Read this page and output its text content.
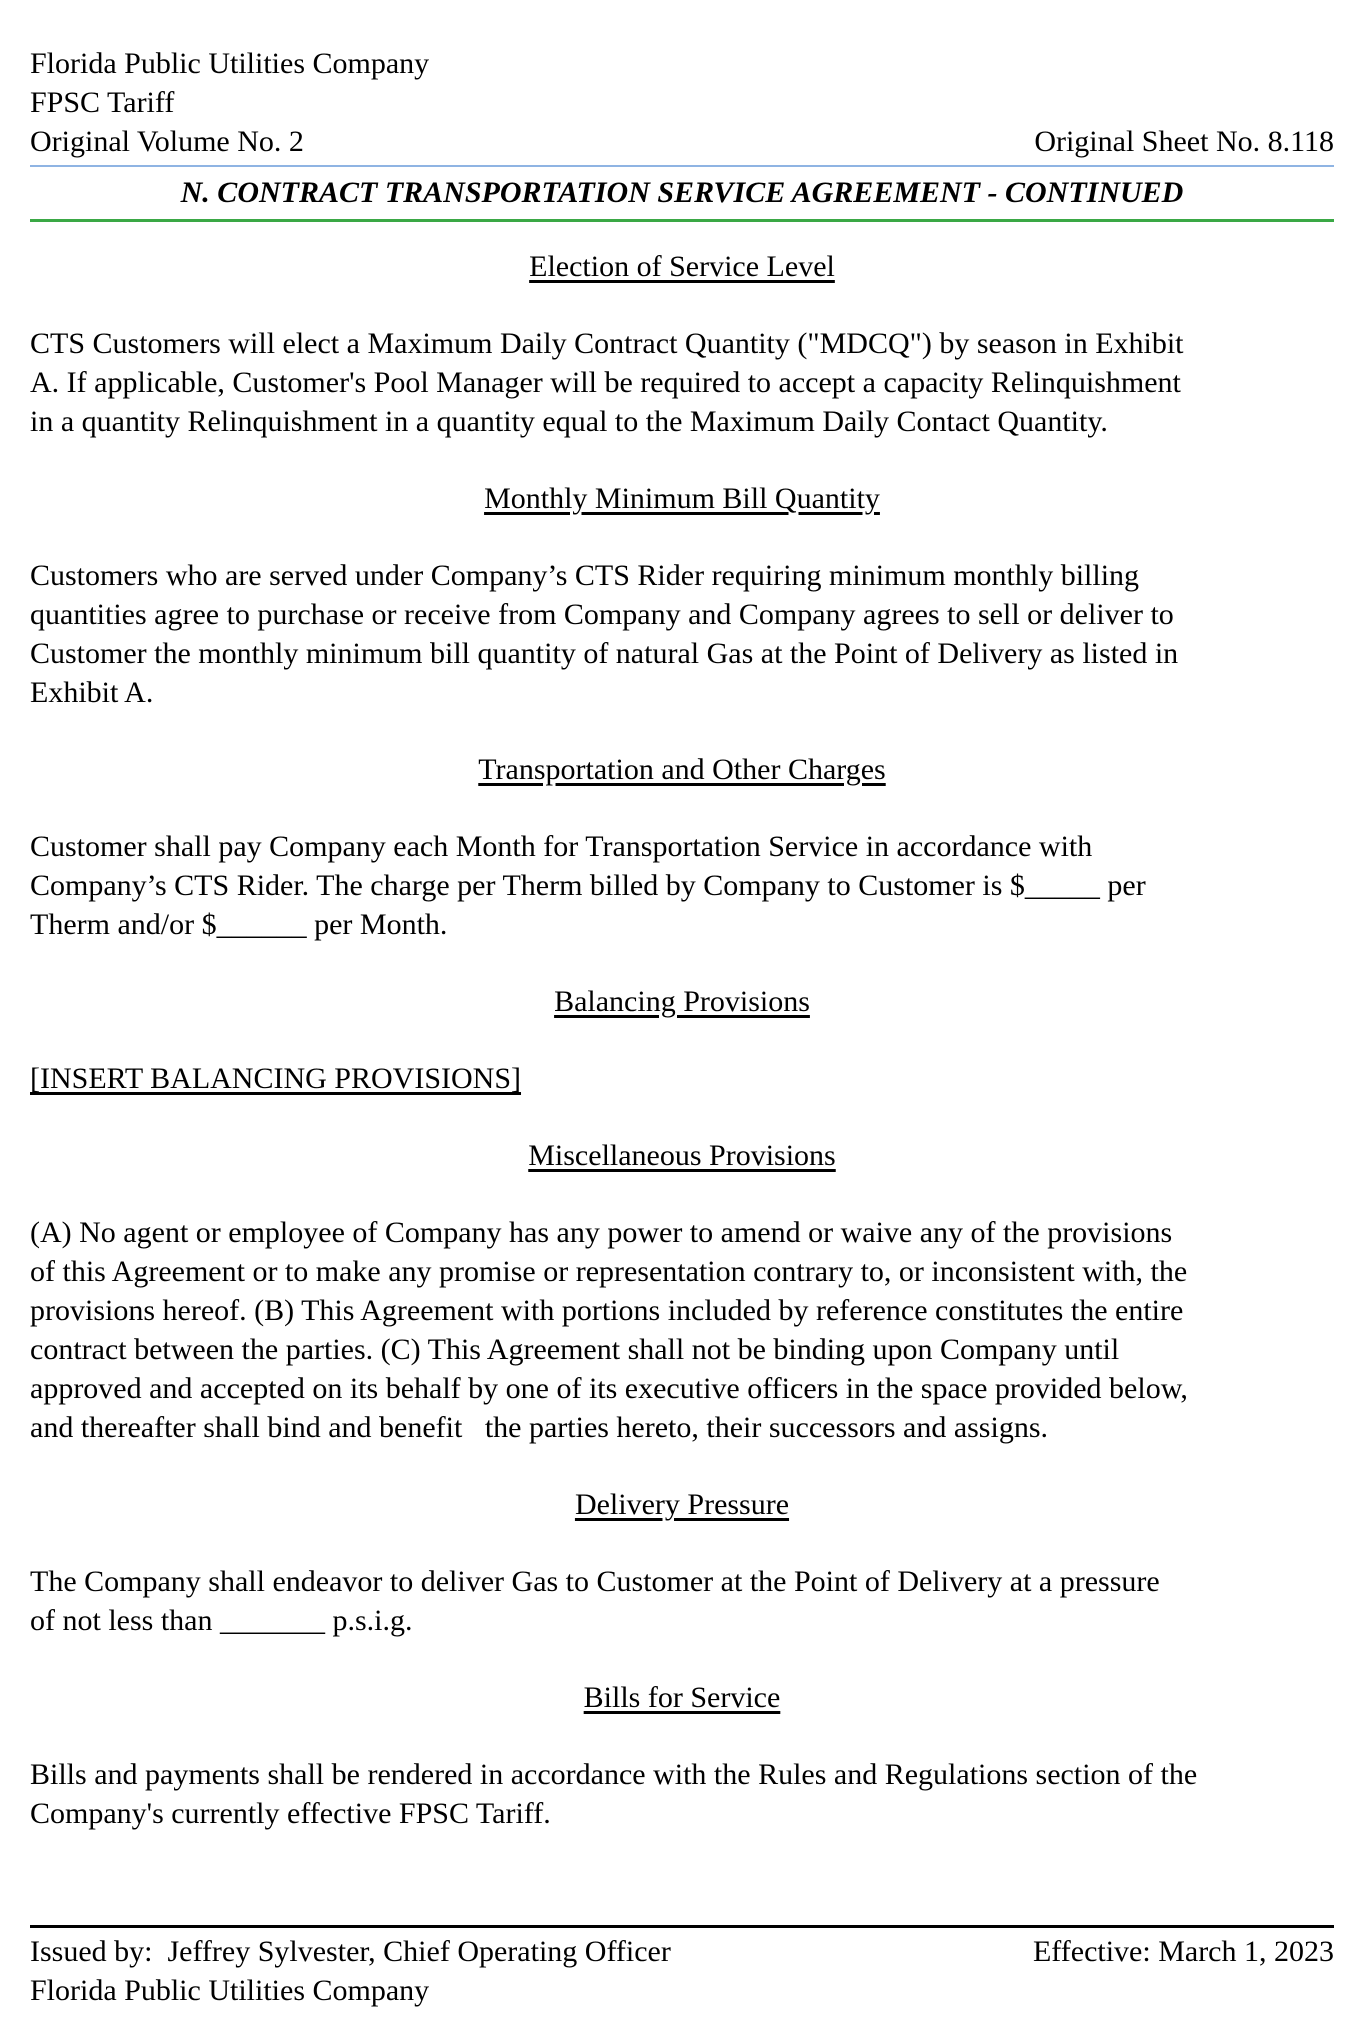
Florida Public Utilities Company
FPSC Tariff
Original Volume No. 2	Original Sheet No. 8.118
N. CONTRACT TRANSPORTATION SERVICE AGREEMENT - CONTINUED
Election of Service Level
CTS Customers will elect a Maximum Daily Contract Quantity ("MDCQ") by season in Exhibit
A. If applicable, Customer's Pool Manager will be required to accept a capacity Relinquishment
in a quantity Relinquishment in a quantity equal to the Maximum Daily Contact Quantity.
Monthly Minimum Bill Quantity
Customers who are served under Company’s CTS Rider requiring minimum monthly billing
quantities agree to purchase or receive from Company and Company agrees to sell or deliver to
Customer the monthly minimum bill quantity of natural Gas at the Point of Delivery as listed in
Exhibit A.
Transportation and Other Charges
Customer shall pay Company each Month for Transportation Service in accordance with
Company’s CTS Rider. The charge per Therm billed by Company to Customer is $_____ per
Therm and/or $______ per Month.
Balancing Provisions
[INSERT BALANCING PROVISIONS]
Miscellaneous Provisions
(A) No agent or employee of Company has any power to amend or waive any of the provisions
of this Agreement or to make any promise or representation contrary to, or inconsistent with, the
provisions hereof. (B) This Agreement with portions included by reference constitutes the entire
contract between the parties. (C) This Agreement shall not be binding upon Company until
approved and accepted on its behalf by one of its executive officers in the space provided below,
and thereafter shall bind and benefit   the parties hereto, their successors and assigns.
Delivery Pressure
The Company shall endeavor to deliver Gas to Customer at the Point of Delivery at a pressure
of not less than _______ p.s.i.g.
Bills for Service
Bills and payments shall be rendered in accordance with the Rules and Regulations section of the
Company's currently effective FPSC Tariff.
Issued by:  Jeffrey Sylvester, Chief Operating Officer	Effective: March 1, 2023
Florida Public Utilities Company
